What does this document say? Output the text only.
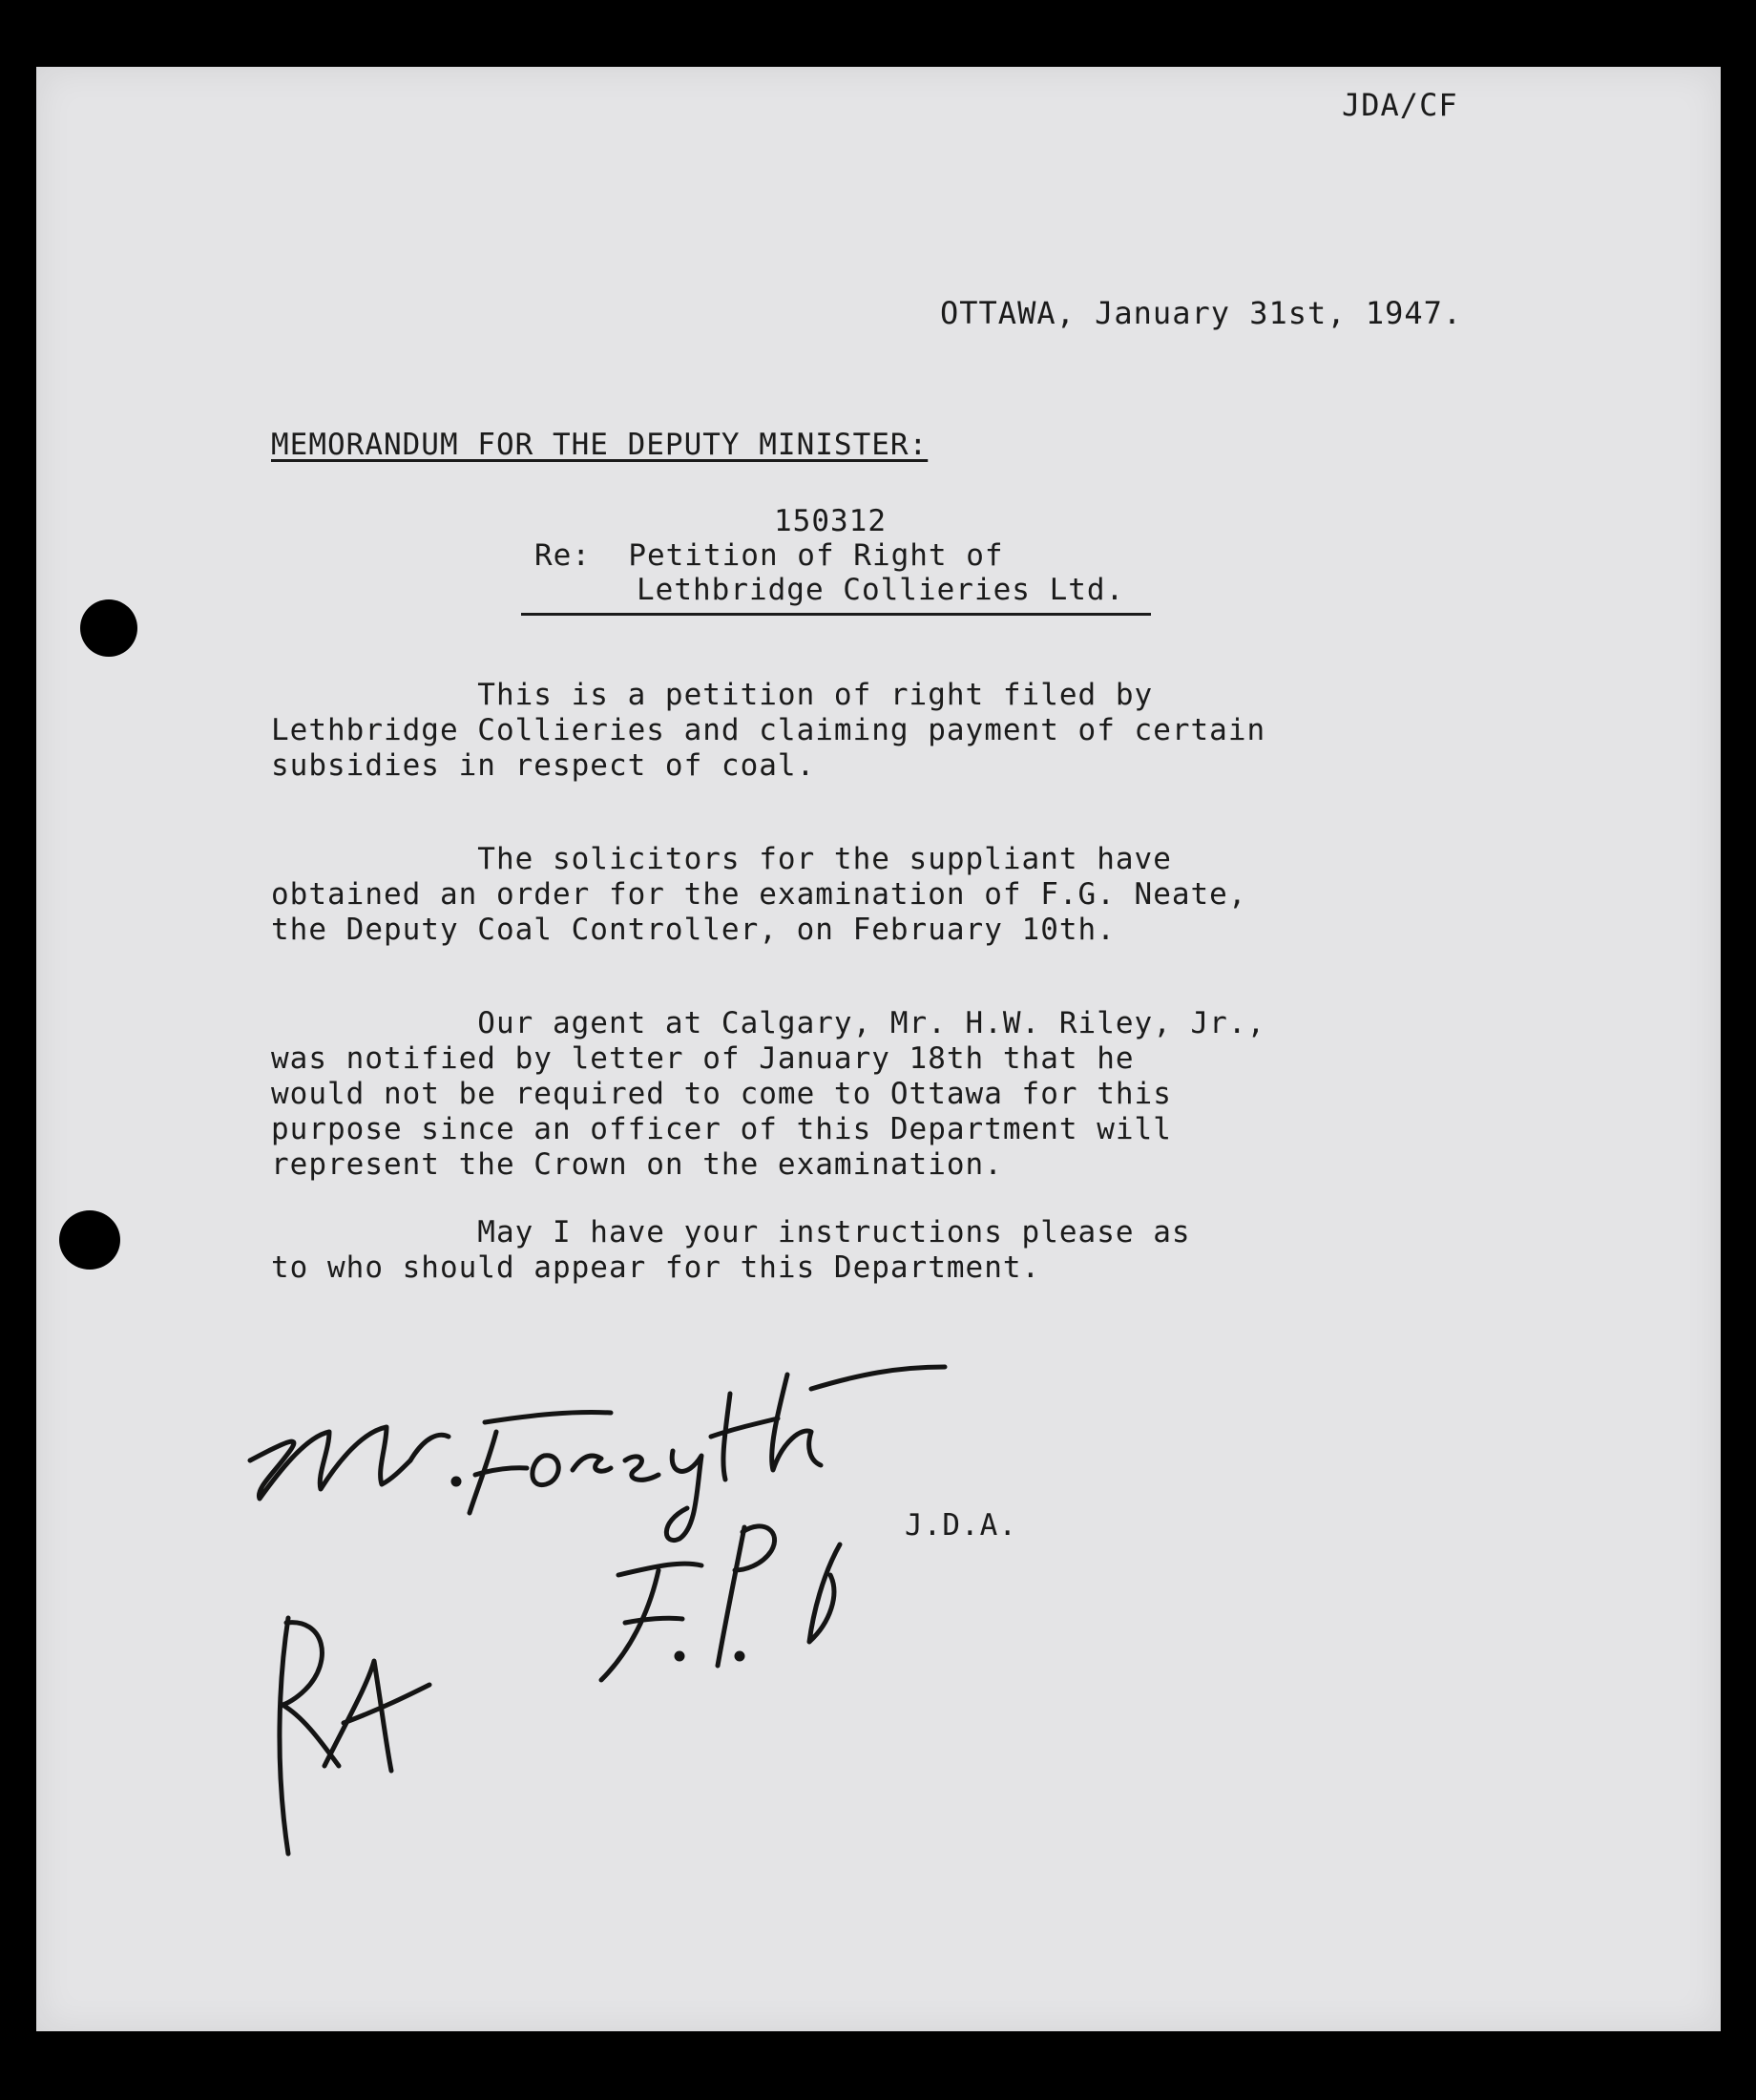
JDA/CF
OTTAWA, January 31st, 1947.
MEMORANDUM FOR THE DEPUTY MINISTER:
150312
Re:  Petition of Right of
Lethbridge Collieries Ltd.
This is a petition of right filed by
Lethbridge Collieries and claiming payment of certain
subsidies in respect of coal.
The solicitors for the suppliant have
obtained an order for the examination of F.G. Neate,
the Deputy Coal Controller, on February 10th.
Our agent at Calgary, Mr. H.W. Riley, Jr.,
was notified by letter of January 18th that he
would not be required to come to Ottawa for this
purpose since an officer of this Department will
represent the Crown on the examination.
May I have your instructions please as
to who should appear for this Department.
J.D.A.
